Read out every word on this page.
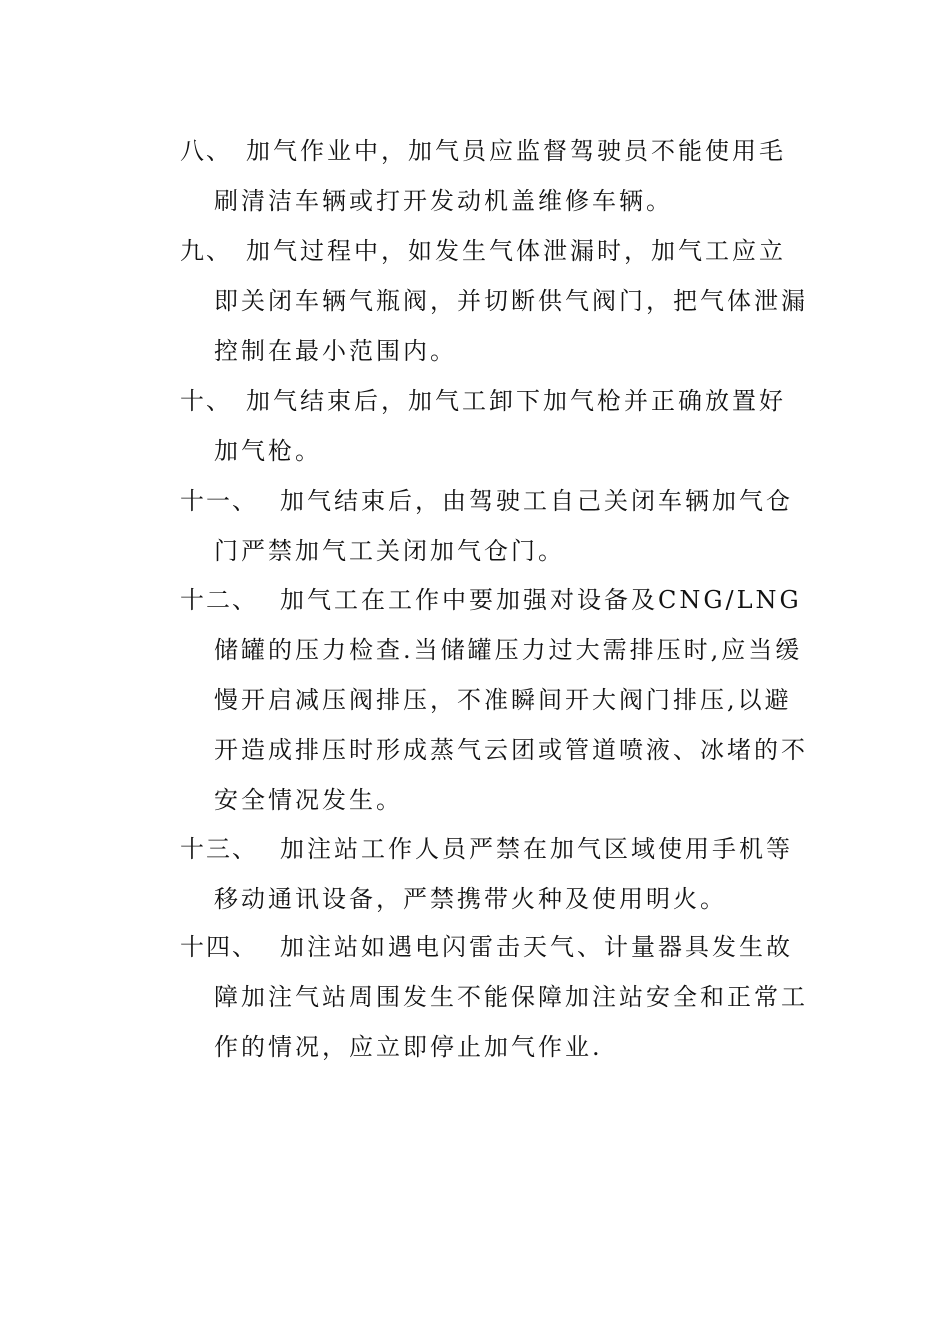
八、 加气作业中，加气员应监督驾驶员不能使用毛刷清洁车辆或打开发动机盖维修车辆。
九、 加气过程中，如发生气体泄漏时，加气工应立即关闭车辆气瓶阀，并切断供气阀门，把气体泄漏控制在最小范围内。
十、 加气结束后，加气工卸下加气枪并正确放置好加气枪。
十一、 加气结束后，由驾驶工自己关闭车辆加气仓门严禁加气工关闭加气仓门。
十二、 加气工在工作中要加强对设备及CNG/LNG储罐的压力检查.当储罐压力过大需排压时,应当缓慢开启减压阀排压，不准瞬间开大阀门排压,以避开造成排压时形成蒸气云团或管道喷液、冰堵的不安全情况发生。
十三、 加注站工作人员严禁在加气区域使用手机等移动通讯设备，严禁携带火种及使用明火。
十四、 加注站如遇电闪雷击天气、计量器具发生故障加注气站周围发生不能保障加注站安全和正常工作的情况，应立即停止加气作业.
